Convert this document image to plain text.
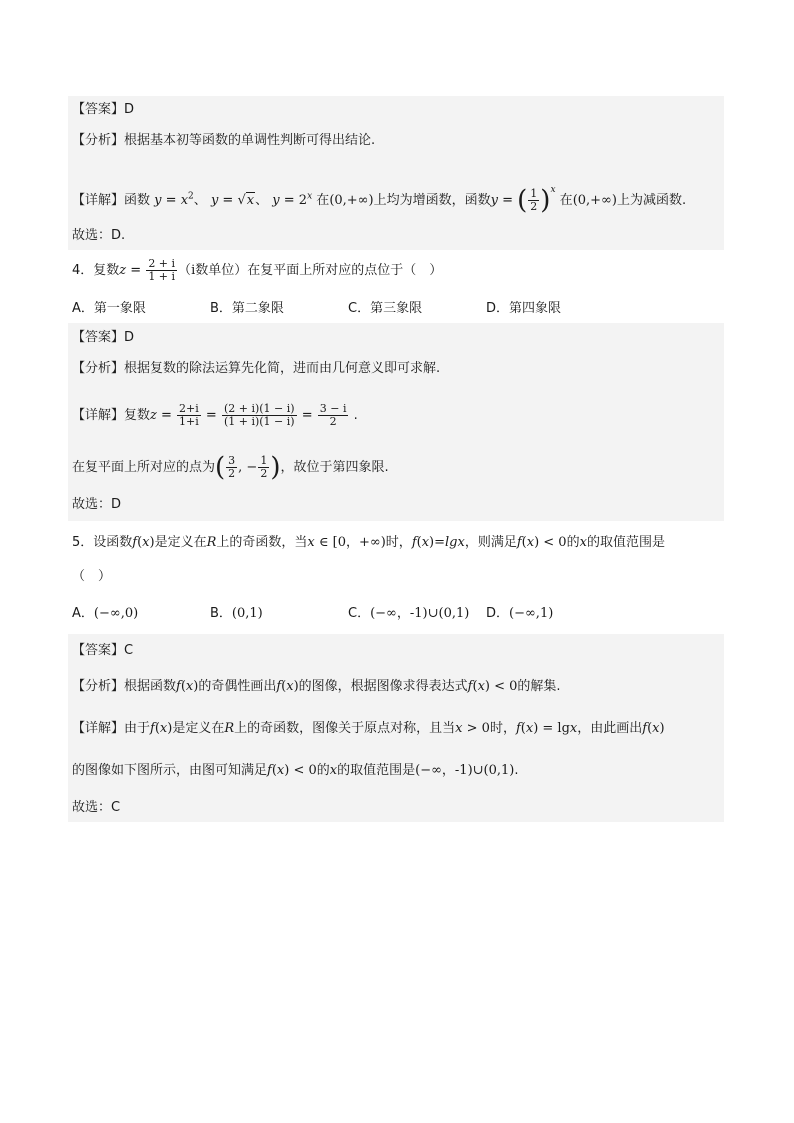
【答案】D
【分析】根据基本初等函数的单调性判断可得出结论.
【详解】函数 $y = x^2$、 y = √x、 $y = 2^x$ 在(0,+∞)上均为增函数，函数y = ( $\frac{1}{2} )^x$ 在(0,+∞)上为减函数.
故选：D.
4．复数$z = \frac{2 + i}{1 + i} (i$数单位）在复平面上所对应的点位于（　）
A．第一象限	B．第二象限	C．第三象限	D．第四象限
【答案】D
【分析】根据复数的除法运算先化简，进而由几何意义即可求解.
【详解】复数$z = \frac{2+i}{1+i} = \frac{(2 + i)(1 - i)}{(1 + i)(1 - i)} = \frac{3 - i}{2}$ .
在复平面上所对应的点为( $\frac{3}{2}$ , − $\frac{1}{2}$ )，故位于第四象限.
故选：D
5．设函数f(x)是定义在R上的奇函数，当x ∈ [0，+∞)时，f(x)=lgx，则满足f(x) < 0的x的取值范围是
（　）
A．(−∞,0)	B．(0,1)	C．(−∞，-1)∪(0,1) D．(−∞,1)
【答案】C
【分析】根据函数f(x)的奇偶性画出f(x)的图像，根据图像求得表达式f(x) < 0的解集.
【详解】由于f(x)是定义在R上的奇函数，图像关于原点对称，且当x > 0时，f(x) = lgx，由此画出f(x)
的图像如下图所示，由图可知满足f(x) < 0的x的取值范围是(−∞，-1)∪(0,1).
故选：C
